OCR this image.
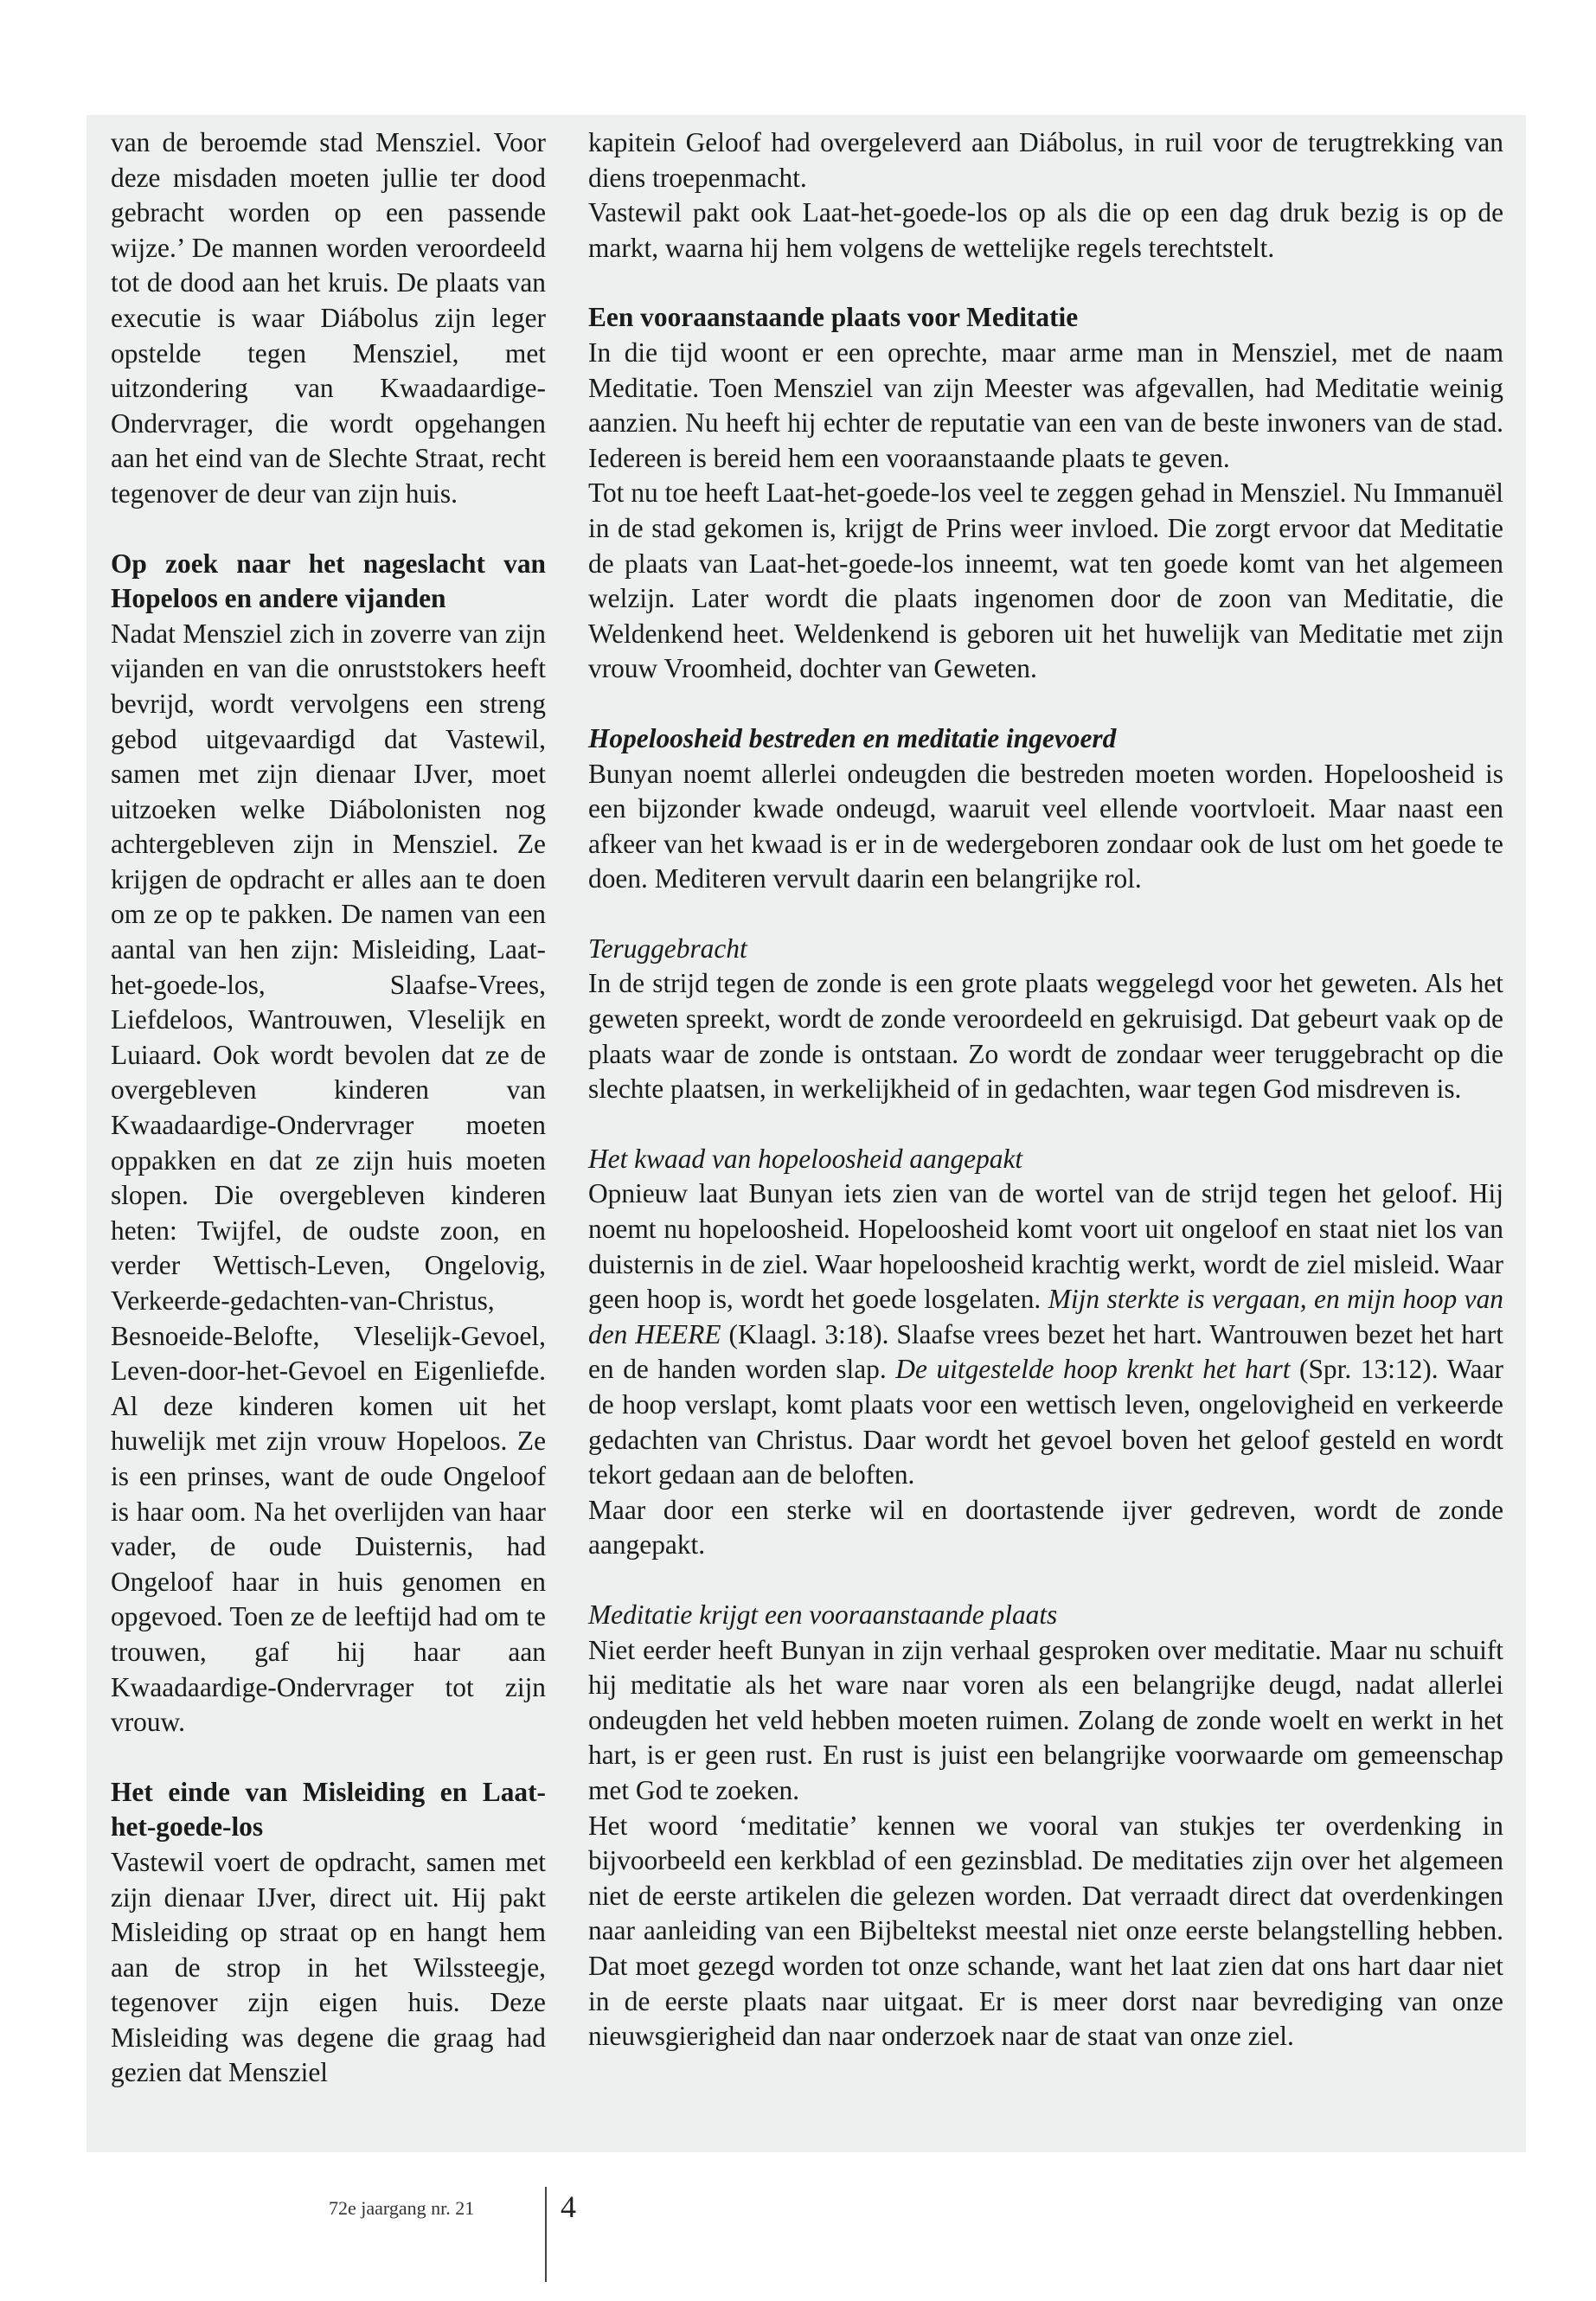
van de beroemde stad Mensziel. Voor deze misdaden moeten jullie ter dood gebracht worden op een passende wijze.’ De mannen worden veroordeeld tot de dood aan het kruis. De plaats van executie is waar Diábolus zijn leger opstelde tegen Mensziel, met uitzondering van Kwaadaardige-Ondervrager, die wordt opgehangen aan het eind van de Slechte Straat, recht tegenover de deur van zijn huis.

Op zoek naar het nageslacht van Hopeloos en andere vijanden

Nadat Mensziel zich in zoverre van zijn vijanden en van die onruststokers heeft bevrijd, wordt vervolgens een streng gebod uitgevaardigd dat Vastewil, samen met zijn dienaar IJver, moet uitzoeken welke Diábolonisten nog achtergebleven zijn in Mensziel. Ze krijgen de opdracht er alles aan te doen om ze op te pakken. De namen van een aantal van hen zijn: Misleiding, Laat-het-goede-los, Slaafse-Vrees, Liefdeloos, Wantrouwen, Vleselijk en Luiaard. Ook wordt bevolen dat ze de overgebleven kinderen van Kwaadaardige-Ondervrager moeten oppakken en dat ze zijn huis moeten slopen. Die overgebleven kinderen heten: Twijfel, de oudste zoon, en verder Wettisch-Leven, Ongelovig, Verkeerde-gedachten-van-Christus, Besnoeide-Belofte, Vleselijk-Gevoel, Leven-door-het-Gevoel en Eigenliefde. Al deze kinderen komen uit het huwelijk met zijn vrouw Hopeloos. Ze is een prinses, want de oude Ongeloof is haar oom. Na het overlijden van haar vader, de oude Duisternis, had Ongeloof haar in huis genomen en opgevoed. Toen ze de leeftijd had om te trouwen, gaf hij haar aan Kwaadaardige-Ondervrager tot zijn vrouw.

Het einde van Misleiding en Laat-het-goede-los

Vastewil voert de opdracht, samen met zijn dienaar IJver, direct uit. Hij pakt Misleiding op straat op en hangt hem aan de strop in het Wilssteegje, tegenover zijn eigen huis. Deze Misleiding was degene die graag had gezien dat Mensziel

kapitein Geloof had overgeleverd aan Diábolus, in ruil voor de terugtrekking van diens troepenmacht.

Vastewil pakt ook Laat-het-goede-los op als die op een dag druk bezig is op de markt, waarna hij hem volgens de wettelijke regels terechtstelt.

Een vooraanstaande plaats voor Meditatie

In die tijd woont er een oprechte, maar arme man in Mensziel, met de naam Meditatie. Toen Mensziel van zijn Meester was afgevallen, had Meditatie weinig aanzien. Nu heeft hij echter de reputatie van een van de beste inwoners van de stad. Iedereen is bereid hem een vooraanstaande plaats te geven.

Tot nu toe heeft Laat-het-goede-los veel te zeggen gehad in Mensziel. Nu Immanuël in de stad gekomen is, krijgt de Prins weer invloed. Die zorgt ervoor dat Meditatie de plaats van Laat-het-goede-los inneemt, wat ten goede komt van het algemeen welzijn. Later wordt die plaats ingenomen door de zoon van Meditatie, die Weldenkend heet. Weldenkend is geboren uit het huwelijk van Meditatie met zijn vrouw Vroomheid, dochter van Geweten.

Hopeloosheid bestreden en meditatie ingevoerd

Bunyan noemt allerlei ondeugden die bestreden moeten worden. Hopeloosheid is een bijzonder kwade ondeugd, waaruit veel ellende voortvloeit. Maar naast een afkeer van het kwaad is er in de wedergeboren zondaar ook de lust om het goede te doen. Mediteren vervult daarin een belangrijke rol.

Teruggebracht

In de strijd tegen de zonde is een grote plaats weggelegd voor het geweten. Als het geweten spreekt, wordt de zonde veroordeeld en gekruisigd. Dat gebeurt vaak op de plaats waar de zonde is ontstaan. Zo wordt de zondaar weer teruggebracht op die slechte plaatsen, in werkelijkheid of in gedachten, waar tegen God misdreven is.

Het kwaad van hopeloosheid aangepakt

Opnieuw laat Bunyan iets zien van de wortel van de strijd tegen het geloof. Hij noemt nu hopeloosheid. Hopeloosheid komt voort uit ongeloof en staat niet los van duisternis in de ziel. Waar hopeloosheid krachtig werkt, wordt de ziel misleid. Waar geen hoop is, wordt het goede losgelaten. Mijn sterkte is vergaan, en mijn hoop van den HEERE (Klaagl. 3:18). Slaafse vrees bezet het hart. Wantrouwen bezet het hart en de handen worden slap. De uitgestelde hoop krenkt het hart (Spr. 13:12). Waar de hoop verslapt, komt plaats voor een wettisch leven, ongelovigheid en verkeerde gedachten van Christus. Daar wordt het gevoel boven het geloof gesteld en wordt tekort gedaan aan de beloften.

Maar door een sterke wil en doortastende ijver gedreven, wordt de zonde aangepakt.

Meditatie krijgt een vooraanstaande plaats

Niet eerder heeft Bunyan in zijn verhaal gesproken over meditatie. Maar nu schuift hij meditatie als het ware naar voren als een belangrijke deugd, nadat allerlei ondeugden het veld hebben moeten ruimen. Zolang de zonde woelt en werkt in het hart, is er geen rust. En rust is juist een belangrijke voorwaarde om gemeenschap met God te zoeken.

Het woord ‘meditatie’ kennen we vooral van stukjes ter overdenking in bijvoorbeeld een kerkblad of een gezinsblad. De meditaties zijn over het algemeen niet de eerste artikelen die gelezen worden. Dat verraadt direct dat overdenkingen naar aanleiding van een Bijbeltekst meestal niet onze eerste belangstelling hebben. Dat moet gezegd worden tot onze schande, want het laat zien dat ons hart daar niet in de eerste plaats naar uitgaat. Er is meer dorst naar bevrediging van onze nieuwsgierigheid dan naar onderzoek naar de staat van onze ziel.

72e jaargang nr. 21	4
